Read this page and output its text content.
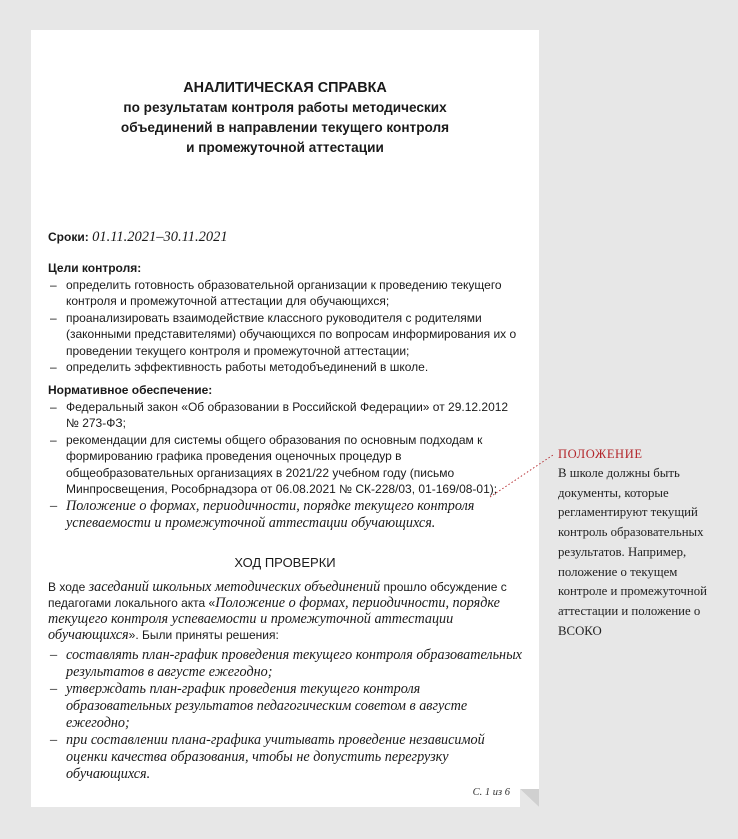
АНАЛИТИЧЕСКАЯ СПРАВКА
по результатам контроля работы методических
объединений в направлении текущего контроля
и промежуточной аттестации
Сроки: 01.11.2021–30.11.2021
Цели контроля:
– определить готовность образовательной организации к проведению текущего контроля и промежуточной аттестации для обучающихся;
– проанализировать взаимодействие классного руководителя с родителями (законными представителями) обучающихся по вопросам информирования их о проведении текущего контроля и промежуточной аттестации;
– определить эффективность работы методобъединений в школе.
Нормативное обеспечение:
– Федеральный закон «Об образовании в Российской Федерации» от 29.12.2012 № 273-ФЗ;
– рекомендации для системы общего образования по основным подходам к формированию графика проведения оценочных процедур в общеобразовательных организациях в 2021/22 учебном году (письмо Минпросвещения, Рособрнадзора от 06.08.2021 № СК-228/03, 01-169/08-01);
– Положение о формах, периодичности, порядке текущего контроля успеваемости и промежуточной аттестации обучающихся.
ХОД ПРОВЕРКИ
В ходе заседаний школьных методических объединений прошло обсуждение с педагогами локального акта «Положение о формах, периодичности, порядке текущего контроля успеваемости и промежуточной аттестации обучающихся». Были приняты решения:
– составлять план-график проведения текущего контроля образовательных результатов в августе ежегодно;
– утверждать план-график проведения текущего контроля образовательных результатов педагогическим советом в августе ежегодно;
– при составлении плана-графика учитывать проведение независимой оценки качества образования, чтобы не допустить перегрузку обучающихся.
С. 1 из 6
ПОЛОЖЕНИЕ
В школе должны быть документы, которые регламентируют текущий контроль образовательных результатов. Например, положение о текущем контроле и промежуточной аттестации и положение о ВСОКО
